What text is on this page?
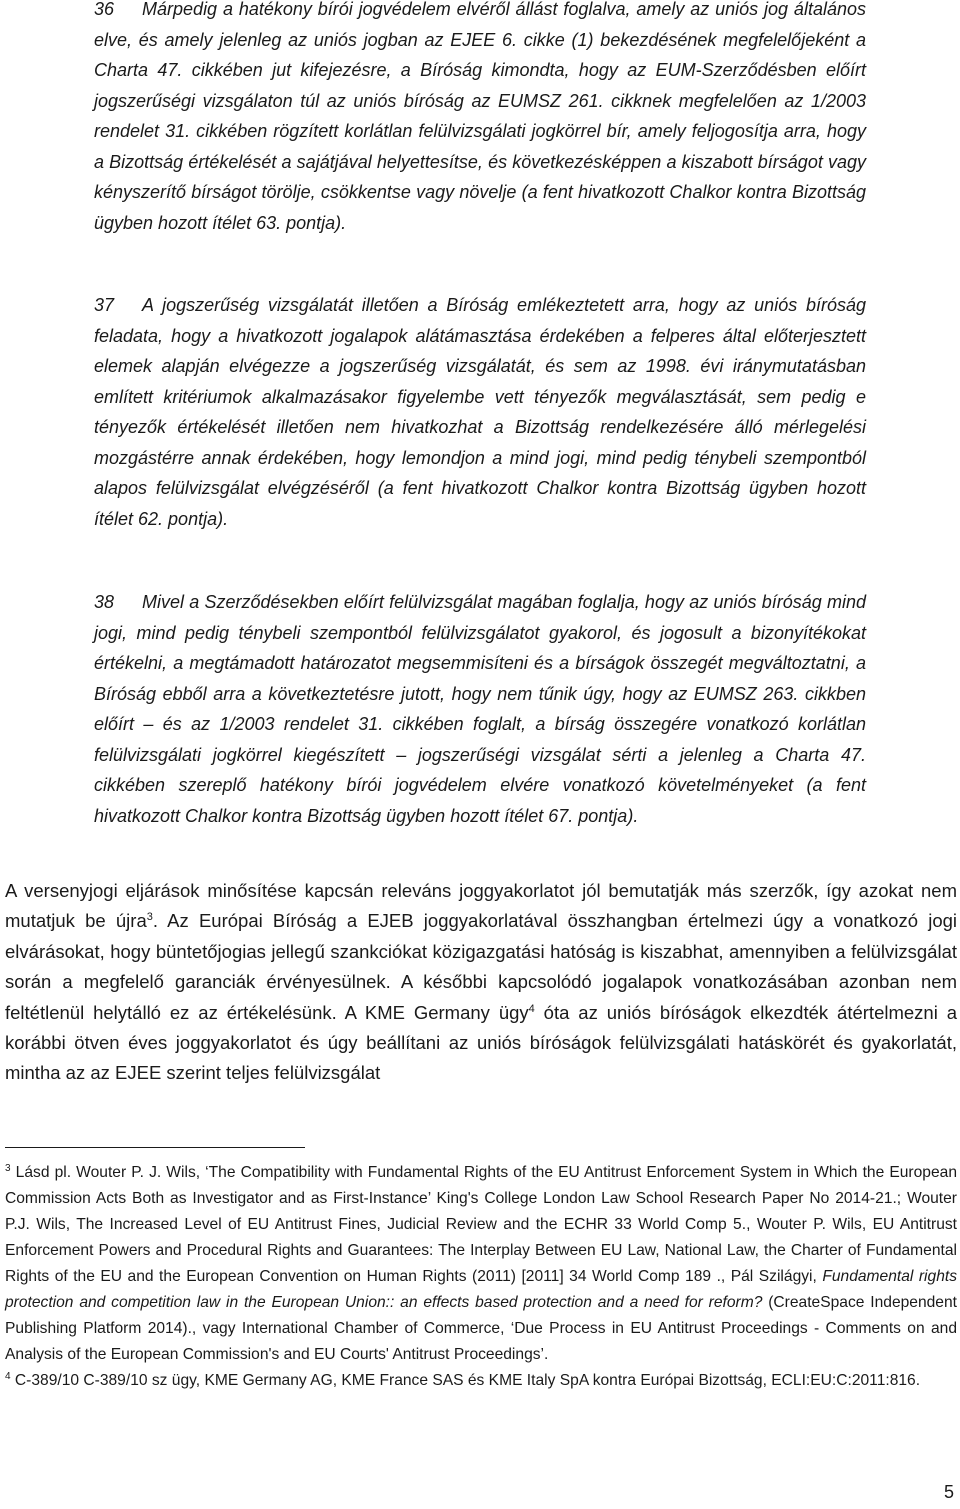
36 Márpedig a hatékony bírói jogvédelem elvéről állást foglalva, amely az uniós jog általános elve, és amely jelenleg az uniós jogban az EJEE 6. cikke (1) bekezdésének megfelelőjeként a Charta 47. cikkében jut kifejezésre, a Bíróság kimondta, hogy az EUM-Szerződésben előírt jogszerűségi vizsgálaton túl az uniós bíróság az EUMSZ 261. cikknek megfelelően az 1/2003 rendelet 31. cikkében rögzített korlátlan felülvizsgálati jogkörrel bír, amely feljogosítja arra, hogy a Bizottság értékelését a sajátjával helyettesítse, és következésképpen a kiszabott bírságot vagy kényszerítő bírságot törölje, csökkentse vagy növelje (a fent hivatkozott Chalkor kontra Bizottság ügyben hozott ítélet 63. pontja).
37 A jogszerűség vizsgálatát illetően a Bíróság emlékeztetett arra, hogy az uniós bíróság feladata, hogy a hivatkozott jogalapok alátámasztása érdekében a felperes által előterjesztett elemek alapján elvégezze a jogszerűség vizsgálatát, és sem az 1998. évi iránymutatásban említett kritériumok alkalmazásakor figyelembe vett tényezők megválasztását, sem pedig e tényezők értékelését illetően nem hivatkozhat a Bizottság rendelkezésére álló mérlegelési mozgástérre annak érdekében, hogy lemondjon a mind jogi, mind pedig ténybeli szempontból alapos felülvizsgálat elvégzéséről (a fent hivatkozott Chalkor kontra Bizottság ügyben hozott ítélet 62. pontja).
38 Mivel a Szerződésekben előírt felülvizsgálat magában foglalja, hogy az uniós bíróság mind jogi, mind pedig ténybeli szempontból felülvizsgálatot gyakorol, és jogosult a bizonyítékokat értékelni, a megtámadott határozatot megsemmisíteni és a bírságok összegét megváltoztatni, a Bíróság ebből arra a következtetésre jutott, hogy nem tűnik úgy, hogy az EUMSZ 263. cikkben előírt – és az 1/2003 rendelet 31. cikkében foglalt, a bírság összegére vonatkozó korlátlan felülvizsgálati jogkörrel kiegészített – jogszerűségi vizsgálat sérti a jelenleg a Charta 47. cikkében szereplő hatékony bírói jogvédelem elvére vonatkozó követelményeket (a fent hivatkozott Chalkor kontra Bizottság ügyben hozott ítélet 67. pontja).
A versenyjogi eljárások minősítése kapcsán releváns joggyakorlatot jól bemutatják más szerzők, így azokat nem mutatjuk be újra$^3$. Az Európai Bíróság a EJEB joggyakorlatával összhangban értelmezi úgy a vonatkozó jogi elvárásokat, hogy büntetőjogias jellegű szankciókat közigazgatási hatóság is kiszabhat, amennyiben a felülvizsgálat során a megfelelő garanciák érvényesülnek. A későbbi kapcsolódó jogalapok vonatkozásában azonban nem feltétlenül helytálló ez az értékelésünk. A KME Germany ügy$^4$ óta az uniós bíróságok elkezdték átértelmezni a korábbi ötven éves joggyakorlatot és úgy beállítani az uniós bíróságok felülvizsgálati hatáskörét és gyakorlatát, mintha az az EJEE szerint teljes felülvizsgálat

$^3$ Lásd pl. Wouter P. J. Wils, ‘The Compatibility with Fundamental Rights of the EU Antitrust Enforcement System in Which the European Commission Acts Both as Investigator and as First-Instance’ King's College London Law School Research Paper No 2014-21.; Wouter P.J. Wils, The Increased Level of EU Antitrust Fines, Judicial Review and the ECHR 33 World Comp 5., Wouter P. Wils, EU Antitrust Enforcement Powers and Procedural Rights and Guarantees: The Interplay Between EU Law, National Law, the Charter of Fundamental Rights of the EU and the European Convention on Human Rights (2011) [2011] 34 World Comp 189 ., Pál Szilágyi, Fundamental rights protection and competition law in the European Union:: an effects based protection and a need for reform? (CreateSpace Independent Publishing Platform 2014)., vagy International Chamber of Commerce, ‘Due Process in EU Antitrust Proceedings - Comments on and Analysis of the European Commission's and EU Courts' Antitrust Proceedings’.

$^4$ C-389/10 C-389/10 sz ügy, KME Germany AG, KME France SAS és KME Italy SpA kontra Európai Bizottság, ECLI:EU:C:2011:816.

5
